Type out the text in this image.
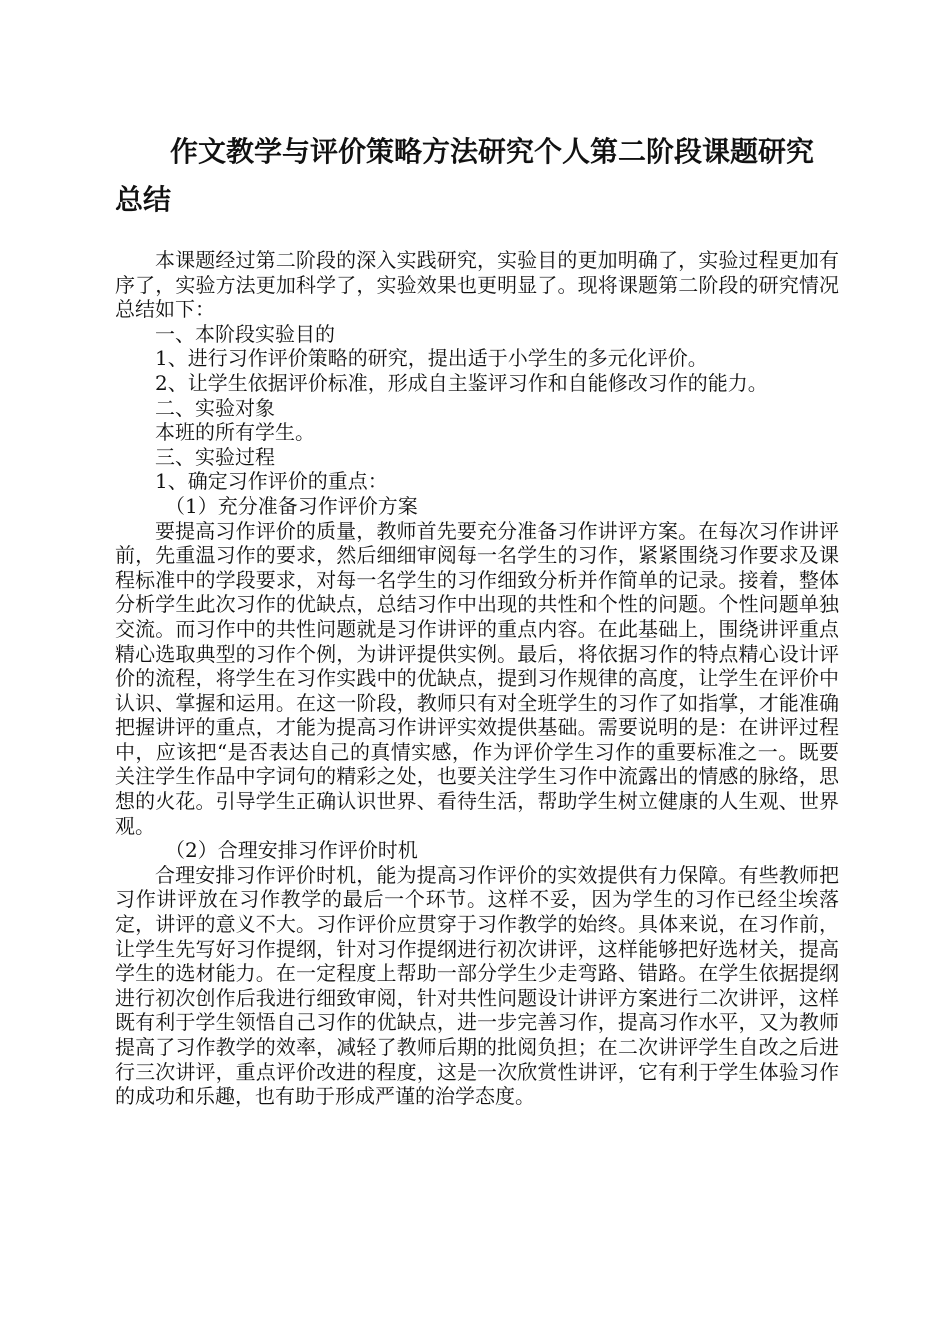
作文教学与评价策略方法研究个人第二阶段课题研究
总结

本课题经过第二阶段的深入实践研究，实验目的更加明确了，实验过程更加有序了，实验方法更加科学了，实验效果也更明显了。现将课题第二阶段的研究情况总结如下：

一、本阶段实验目的

1、进行习作评价策略的研究，提出适于小学生的多元化评价。

2、让学生依据评价标准，形成自主鉴评习作和自能修改习作的能力。

二、实验对象

本班的所有学生。

三、实验过程

1、确定习作评价的重点：

（1）充分准备习作评价方案

要提高习作评价的质量，教师首先要充分准备习作讲评方案。在每次习作讲评前，先重温习作的要求，然后细细审阅每一名学生的习作，紧紧围绕习作要求及课程标准中的学段要求，对每一名学生的习作细致分析并作简单的记录。接着，整体分析学生此次习作的优缺点，总结习作中出现的共性和个性的问题。个性问题单独交流。而习作中的共性问题就是习作讲评的重点内容。在此基础上，围绕讲评重点精心选取典型的习作个例，为讲评提供实例。最后，将依据习作的特点精心设计评价的流程，将学生在习作实践中的优缺点，提到习作规律的高度，让学生在评价中认识、掌握和运用。在这一阶段，教师只有对全班学生的习作了如指掌，才能准确把握讲评的重点，才能为提高习作讲评实效提供基础。需要说明的是：在讲评过程中，应该把“是否表达自己的真情实感，作为评价学生习作的重要标准之一。既要关注学生作品中字词句的精彩之处，也要关注学生习作中流露出的情感的脉络，思想的火花。引导学生正确认识世界、看待生活，帮助学生树立健康的人生观、世界观。

（2）合理安排习作评价时机

合理安排习作评价时机，能为提高习作评价的实效提供有力保障。有些教师把习作讲评放在习作教学的最后一个环节。这样不妥，因为学生的习作已经尘埃落定，讲评的意义不大。习作评价应贯穿于习作教学的始终。具体来说，在习作前，让学生先写好习作提纲，针对习作提纲进行初次讲评，这样能够把好选材关，提高学生的选材能力。在一定程度上帮助一部分学生少走弯路、错路。在学生依据提纲进行初次创作后我进行细致审阅，针对共性问题设计讲评方案进行二次讲评，这样既有利于学生领悟自己习作的优缺点，进一步完善习作，提高习作水平，又为教师提高了习作教学的效率，减轻了教师后期的批阅负担；在二次讲评学生自改之后进行三次讲评，重点评价改进的程度，这是一次欣赏性讲评，它有利于学生体验习作的成功和乐趣，也有助于形成严谨的治学态度。
